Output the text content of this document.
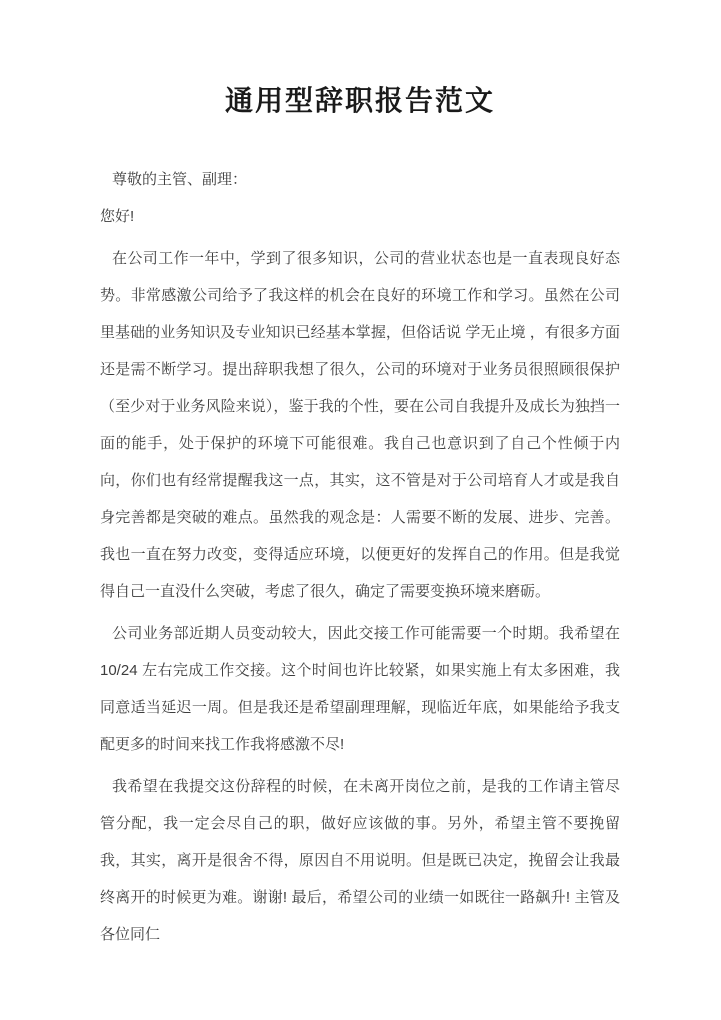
通用型辞职报告范文

尊敬的主管、副理：

您好!

在公司工作一年中，学到了很多知识，公司的营业状态也是一直表现良好态势。非常感激公司给予了我这样的机会在良好的环境工作和学习。虽然在公司里基础的业务知识及专业知识已经基本掌握，但俗话说 学无止境 ，有很多方面还是需不断学习。提出辞职我想了很久，公司的环境对于业务员很照顾很保护（至少对于业务风险来说），鉴于我的个性，要在公司自我提升及成长为独挡一面的能手，处于保护的环境下可能很难。我自己也意识到了自己个性倾于内向，你们也有经常提醒我这一点，其实，这不管是对于公司培育人才或是我自身完善都是突破的难点。虽然我的观念是：人需要不断的发展、进步、完善。我也一直在努力改变，变得适应环境，以便更好的发挥自己的作用。但是我觉得自己一直没什么突破，考虑了很久，确定了需要变换环境来磨砺。

公司业务部近期人员变动较大，因此交接工作可能需要一个时期。我希望在10/24 左右完成工作交接。这个时间也许比较紧，如果实施上有太多困难，我同意适当延迟一周。但是我还是希望副理理解，现临近年底，如果能给予我支配更多的时间来找工作我将感激不尽!

我希望在我提交这份辞程的时候，在未离开岗位之前，是我的工作请主管尽管分配，我一定会尽自己的职，做好应该做的事。另外，希望主管不要挽留我，其实，离开是很舍不得，原因自不用说明。但是既已决定，挽留会让我最终离开的时候更为难。谢谢! 最后，希望公司的业绩一如既往一路飙升! 主管及各位同仁
